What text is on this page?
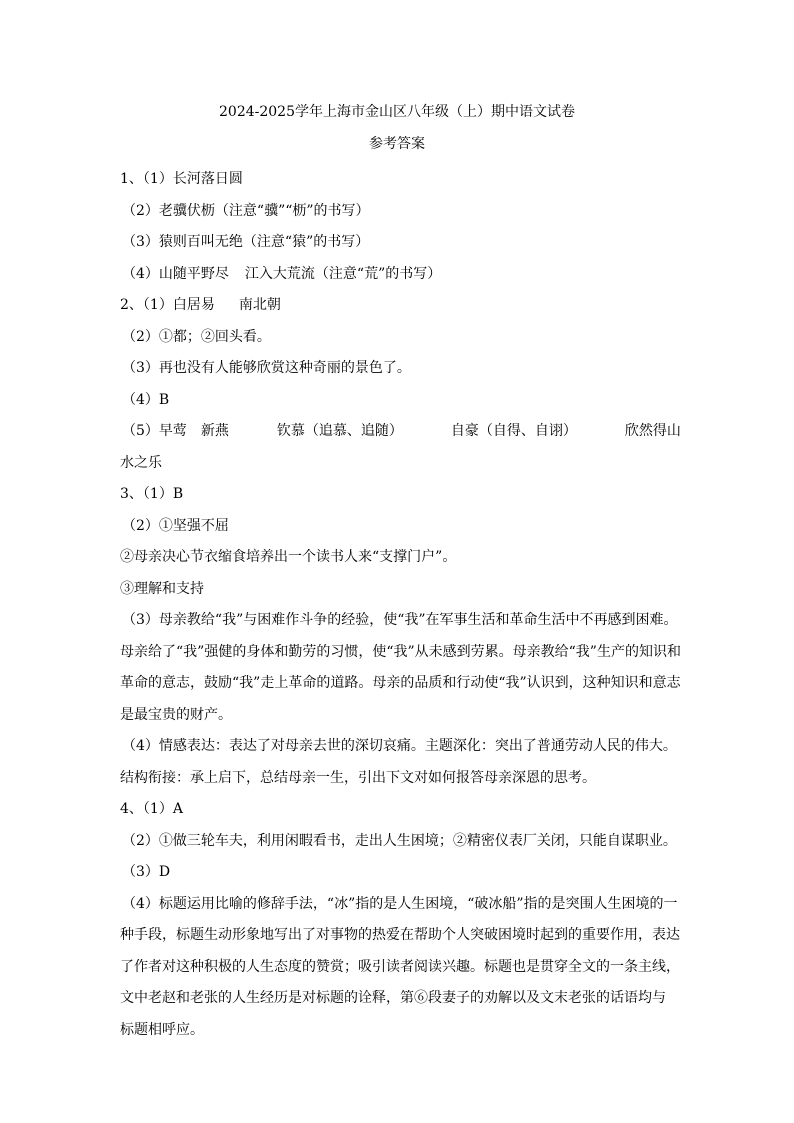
2024-2025学年上海市金山区八年级（上）期中语文试卷
参考答案
1、（1）长河落日圆
（2）老骥伏枥（注意“骥”“枥”的书写）
（3）猿则百叫无绝（注意“猿”的书写）
（4）山随平野尽 江入大荒流（注意“荒”的书写）
2、（1）白居易 南北朝
（2）①都；②回头看。
（3）再也没有人能够欣赏这种奇丽的景色了。
（4）B
（5）早莺　新燕	钦慕（追慕、追随）	自豪（自得、自诩）	欣然得山
水之乐
3、（1）B
（2）①坚强不屈
②母亲决心节衣缩食培养出一个读书人来“支撑门户”。
③理解和支持
（3）母亲教给“我”与困难作斗争的经验，使“我”在军事生活和革命生活中不再感到困难。
母亲给了“我”强健的身体和勤劳的习惯，使“我”从未感到劳累。母亲教给“我”生产的知识和
革命的意志，鼓励“我”走上革命的道路。母亲的品质和行动使“我”认识到，这种知识和意志
是最宝贵的财产。
（4）情感表达：表达了对母亲去世的深切哀痛。主题深化：突出了普通劳动人民的伟大。
结构衔接：承上启下，总结母亲一生，引出下文对如何报答母亲深恩的思考。
4、（1）A
（2）①做三轮车夫，利用闲暇看书，走出人生困境；②精密仪表厂关闭，只能自谋职业。
（3）D
（4）标题运用比喻的修辞手法，“冰”指的是人生困境，“破冰船”指的是突围人生困境的一
种手段，标题生动形象地写出了对事物的热爱在帮助个人突破困境时起到的重要作用，表达
了作者对这种积极的人生态度的赞赏；吸引读者阅读兴趣。标题也是贯穿全文的一条主线，
文中老赵和老张的人生经历是对标题的诠释，第⑥段妻子的劝解以及文末老张的话语均与
标题相呼应。
